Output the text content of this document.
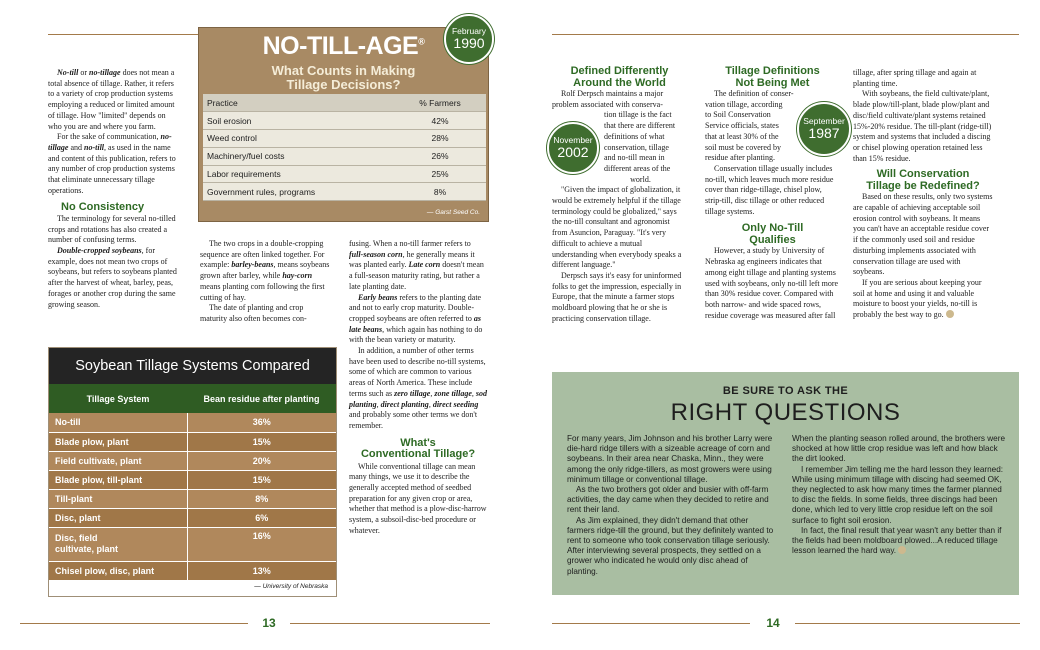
13	14
NO-TILL-AGE®
What Counts in Making
Tillage Decisions?
Practice	% Farmers
Soil erosion	42%
Weed control	28%
Machinery/fuel costs	26%
Labor requirements	25%
Government rules, programs	8%
— Garst Seed Co.
February
1990

No-till or no-tillage does not mean a total absence of tillage. Rather, it refers to a variety of crop production systems employing a reduced or limited amount of tillage. How "limited" depends on who you are and where you farm.

For the sake of communication, no-tillage and no-till, as used in the name and content of this publication, refers to any number of crop production systems that eliminate unnecessary tillage operations.

No Consistency

The terminology for several no-tilled crops and rotations has also created a number of confusing terms.

Double-cropped soybeans, for example, does not mean two crops of soybeans, but refers to soybeans planted after the harvest of wheat, barley, peas, forages or another crop during the same growing season.

The two crops in a double-cropping sequence are often linked together. For example: barley-beans, means soybeans grown after barley, while hay-corn means planting corn following the first cutting of hay.

The date of planting and crop maturity also often becomes con-

fusing. When a no-till farmer refers to full-season corn, he generally means it was planted early. Late corn doesn't mean a full-season maturity rating, but rather a late planting date.

Early beans refers to the planting date and not to early crop maturity. Double-cropped soybeans are often referred to as late beans, which again has nothing to do with the bean variety or maturity.

In addition, a number of other terms have been used to describe no-till systems, some of which are common to various areas of North America. These include terms such as zero tillage, zone tillage, sod planting, direct planting, direct seeding and probably some other terms we don't remember.

What's
Conventional Tillage?

While conventional tillage can mean many things, we use it to describe the generally accepted method of seedbed preparation for any given crop or area, whether that method is a plow-disc-harrow system, a subsoil-disc-bed procedure or whatever.

Soybean Tillage Systems Compared
Tillage System	Bean residue after planting
No-till	36%
Blade plow, plant	15%
Field cultivate, plant	20%
Blade plow, till-plant	15%
Till-plant	8%
Disc, plant	6%

Disc, field
cultivate, plant	16%
Chisel plow, disc, plant	13%
— University of Nebraska
Defined Differently
Around the World

Rolf Derpsch maintains a major problem associated with conserva-

tion tillage is the fact
that there are different
definitions of what
conservation, tillage
and no-till mean in
different areas of the
world.

"Given the impact of globalization, it would be extremely helpful if the tillage terminology could be globalized," says the no-till consultant and agronomist from Asuncion, Paraguay. "It's very difficult to achieve a mutual understanding when everybody speaks a different language."

Derpsch says it's easy for uninformed folks to get the impression, especially in Europe, that the minute a farmer stops moldboard plowing that he or she is practicing conservation tillage.

November
2002
Tillage Definitions
Not Being Met
The definition of conser-
vation tillage, according
to Soil Conservation
Service officials, states
that at least 30% of the
soil must be covered by
residue after planting.

Conservation tillage usually includes no-till, which leaves much more residue cover than ridge-tillage, chisel plow, strip-till, disc tillage or other reduced tillage systems.

Only No-Till
Qualifies

However, a study by University of Nebraska ag engineers indicates that among eight tillage and planting systems used with soybeans, only no-till left more than 30% residue cover. Compared with both narrow- and wide spaced rows, residue coverage was measured after fall

September
1987

tillage, after spring tillage and again at planting time.

With soybeans, the field cultivate/plant, blade plow/till-plant, blade plow/plant and disc/field cultivate/plant systems retained 15%-20% residue. The till-plant (ridge-till) system and systems that included a discing or chisel plowing operation retained less than 15% residue.

Will Conservation
Tillage be Redefined?

Based on these results, only two systems are capable of achieving acceptable soil erosion control with soybeans. It means you can't have an acceptable residue cover if the commonly used soil and residue disturbing implements associated with conservation tillage are used with soybeans.

If you are serious about keeping your soil at home and using it and valuable moisture to boost your yields, no-till is probably the best way to go.

BE SURE TO ASK THE
RIGHT QUESTIONS

For many years, Jim Johnson and his brother Larry were die-hard ridge tillers with a sizeable acreage of corn and soybeans. In their area near Chaska, Minn., they were among the only ridge-tillers, as most growers were using minimum tillage or conventional tillage.

As the two brothers got older and busier with off-farm activities, the day came when they decided to retire and rent their land.

As Jim explained, they didn't demand that other farmers ridge-till the ground, but they definitely wanted to rent to someone who took conservation tillage seriously. After interviewing several prospects, they settled on a grower who indicated he would only disc ahead of planting.

When the planting season rolled around, the brothers were shocked at how little crop residue was left and how black the dirt looked.

I remember Jim telling me the hard lesson they learned: While using minimum tillage with discing had seemed OK, they neglected to ask how many times the farmer planned to disc the fields. In some fields, three discings had been done, which led to very little crop residue left on the soil surface to fight soil erosion.

In fact, the final result that year wasn't any better than if the fields had been moldboard plowed...A reduced tillage lesson learned the hard way.
